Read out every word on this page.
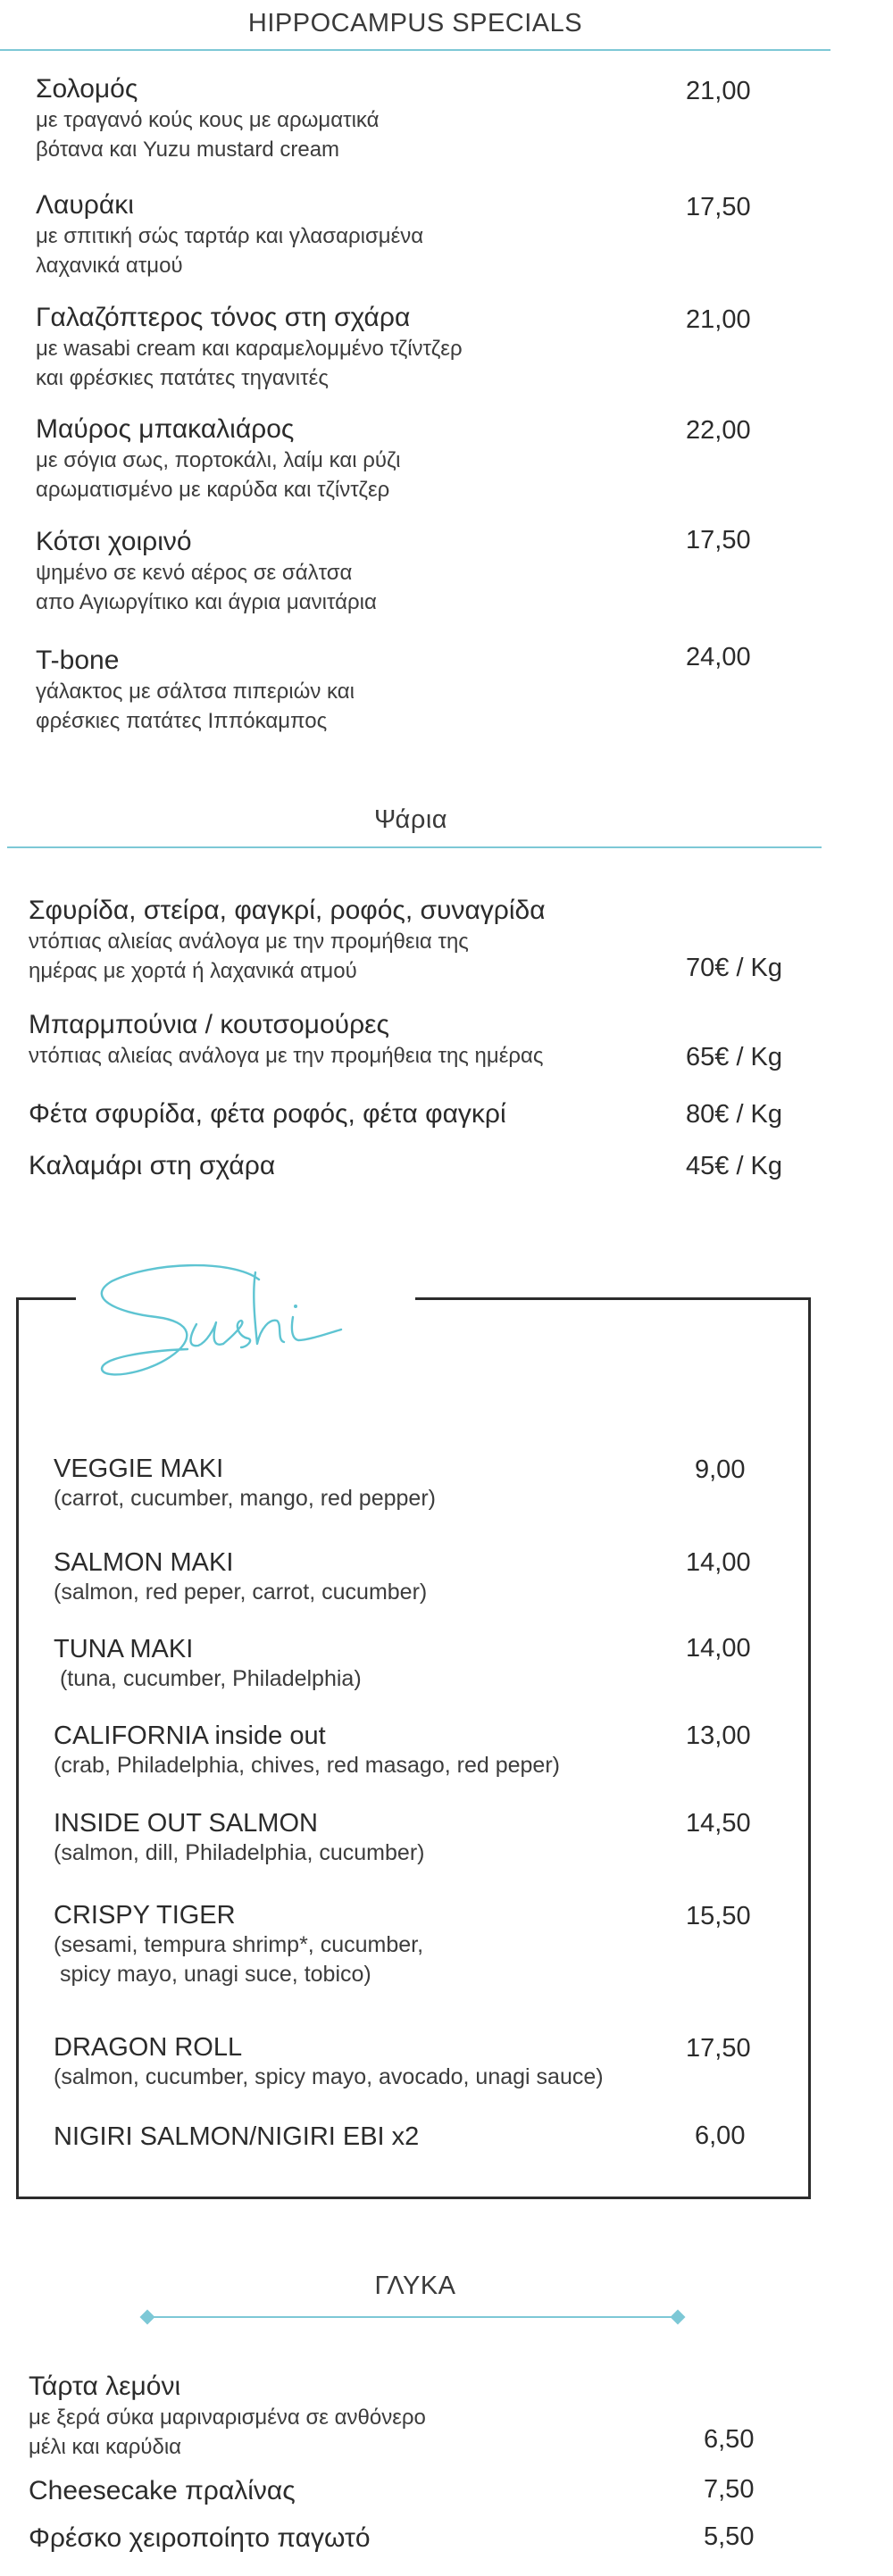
HIPPOCAMPUS SPECIALS
Σολομός
με τραγανό κούς κους με αρωματικά
βότανα και Yuzu mustard cream
21,00
Λαυράκι
με σπιτική σώς ταρτάρ και γλασαρισμένα
λαχανικά ατμού
17,50
Γαλαζόπτερος τόνος στη σχάρα
με wasabi cream και καραμελομμένο τζίντζερ
και φρέσκιες πατάτες τηγανιτές
21,00
Μαύρος μπακαλιάρος
με σόγια σως, πορτοκάλι, λαίμ και ρύζι
αρωματισμένο με καρύδα και τζίντζερ
22,00
Κότσι χοιρινό
ψημένο σε κενό αέρος σε σάλτσα
απο Αγιωργίτικο και άγρια μανιτάρια
17,50
T-bone
γάλακτος με σάλτσα πιπεριών και
φρέσκιες πατάτες Ιππόκαμπος
24,00
Ψάρια
Σφυρίδα, στείρα, φαγκρί, ροφός, συναγρίδα
ντόπιας αλιείας ανάλογα με την προμήθεια της
ημέρας με χορτά ή λαχανικά ατμού	70€ / Kg
Μπαρμπούνια / κουτσομούρες
ντόπιας αλιείας ανάλογα με την προμήθεια της ημέρας	65€ / Kg
Φέτα σφυρίδα, φέτα ροφός, φέτα φαγκρί	80€ / Kg
Καλαμάρι στη σχάρα	45€ / Kg
VEGGIE MAKI
(carrot, cucumber, mango, red pepper)
9,00
SALMON MAKI
(salmon, red peper, carrot, cucumber)
14,00
TUNA MAKI
(tuna, cucumber, Philadelphia)
14,00
CALIFORNIA inside out
(crab, Philadelphia, chives, red masago, red peper)
13,00
INSIDE OUT SALMON
(salmon, dill, Philadelphia, cucumber)
14,50
CRISPY TIGER
(sesami, tempura shrimp*, cucumber,
spicy mayo, unagi suce, tobico)
15,50
DRAGON ROLL
(salmon, cucumber, spicy mayo, avocado, unagi sauce)
17,50
NIGIRI SALMON/NIGIRI EBI x2	6,00
ΓΛΥΚΑ
Τάρτα λεμόνι
με ξερά σύκα μαριναρισμένα σε ανθόνερο
μέλι και καρύδια	6,50
Cheesecake πραλίνας	7,50
Φρέσκο χειροποίητο παγωτό	5,50
